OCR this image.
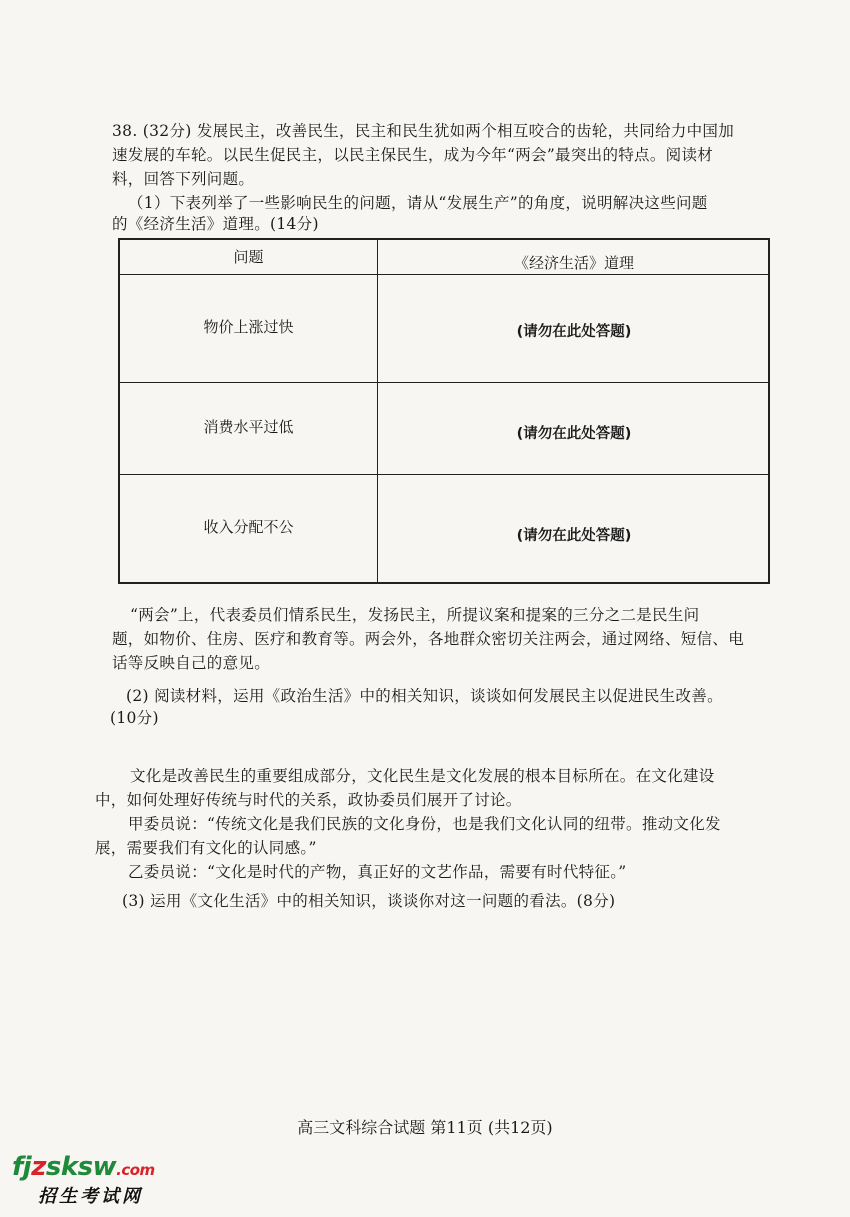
38. (32分) 发展民主，改善民生，民主和民生犹如两个相互咬合的齿轮，共同给力中国加
速发展的车轮。以民生促民主，以民主保民生，成为今年“两会”最突出的特点。阅读材
料，回答下列问题。
（1）下表列举了一些影响民生的问题，请从“发展生产”的角度，说明解决这些问题
的《经济生活》道理。(14分)
问题	《经济生活》道理
物价上涨过快	(请勿在此处答题)
消费水平过低	(请勿在此处答题)
收入分配不公	(请勿在此处答题)
“两会”上，代表委员们情系民生，发扬民主，所提议案和提案的三分之二是民生问
题，如物价、住房、医疗和教育等。两会外，各地群众密切关注两会，通过网络、短信、电
话等反映自己的意见。
(2) 阅读材料，运用《政治生活》中的相关知识，谈谈如何发展民主以促进民生改善。
(10分)
文化是改善民生的重要组成部分，文化民生是文化发展的根本目标所在。在文化建设
中，如何处理好传统与时代的关系，政协委员们展开了讨论。
甲委员说：“传统文化是我们民族的文化身份，也是我们文化认同的纽带。推动文化发
展，需要我们有文化的认同感。”
乙委员说：“文化是时代的产物，真正好的文艺作品，需要有时代特征。”
(3) 运用《文化生活》中的相关知识，谈谈你对这一问题的看法。(8分)
高三文科综合试题 第11页 (共12页)
fjzsksw.com
招生考试网
